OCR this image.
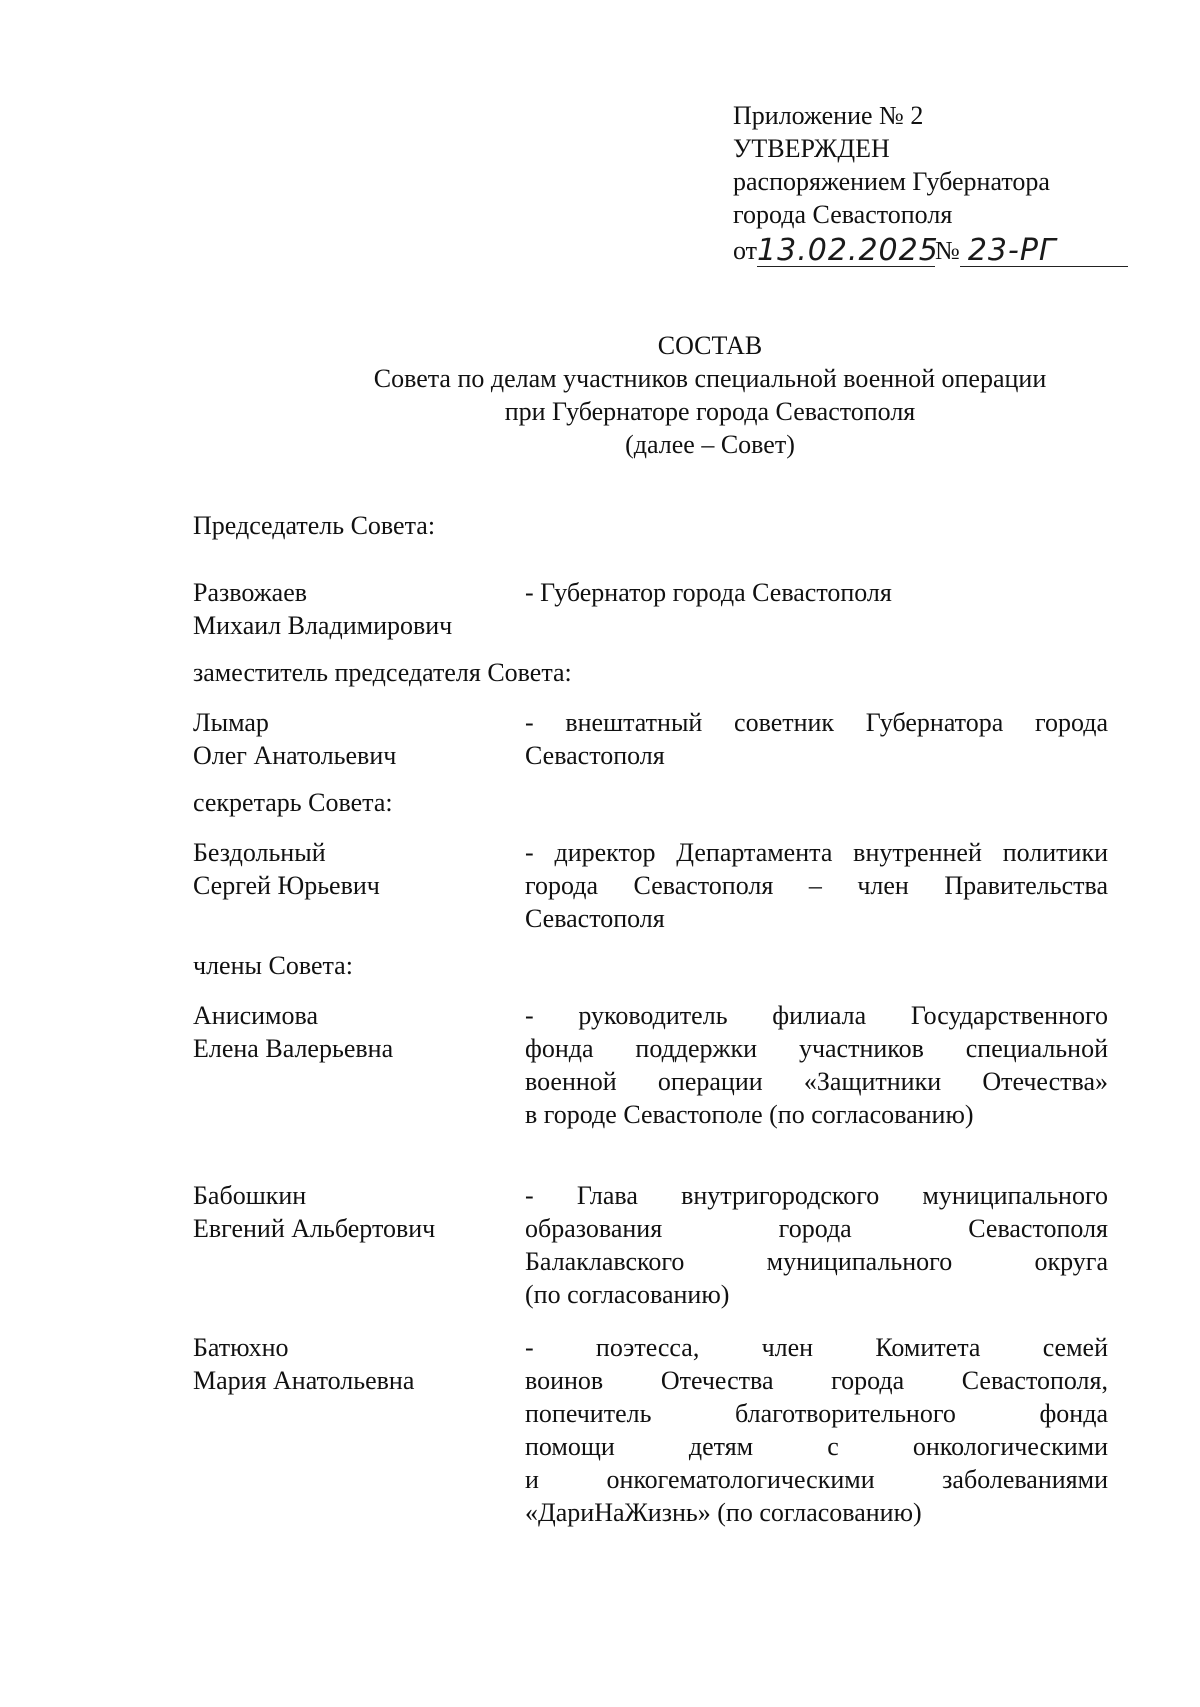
Приложение № 2
УТВЕРЖДЕН
распоряжением Губернатора
города Севастополя
от 13.02.2025
№ 23-РГ
СОСТАВ
Совета по делам участников специальной военной операции
при Губернаторе города Севастополя
(далее – Совет)
Председатель Совета:
Развожаев
Михаил Владимирович
- Губернатор города Севастополя
заместитель председателя Совета:
Лымар
Олег Анатольевич
- внештатный советник Губернатора города
Севастополя
секретарь Совета:
Бездольный
Сергей Юрьевич
- директор Департамента внутренней политики
города Севастополя – член Правительства
Севастополя
члены Совета:
Анисимова
Елена Валерьевна
- руководитель филиала Государственного
фонда поддержки участников специальной
военной операции «Защитники Отечества»
в городе Севастополе (по согласованию)
Бабошкин
Евгений Альбертович
- Глава внутригородского муниципального
образования города Севастополя
Балаклавского муниципального округа
(по согласованию)
Батюхно
Мария Анатольевна
- поэтесса, член Комитета семей
воинов Отечества города Севастополя,
попечитель благотворительного фонда
помощи детям с онкологическими
и онкогематологическими заболеваниями
«ДариНаЖизнь» (по согласованию)
